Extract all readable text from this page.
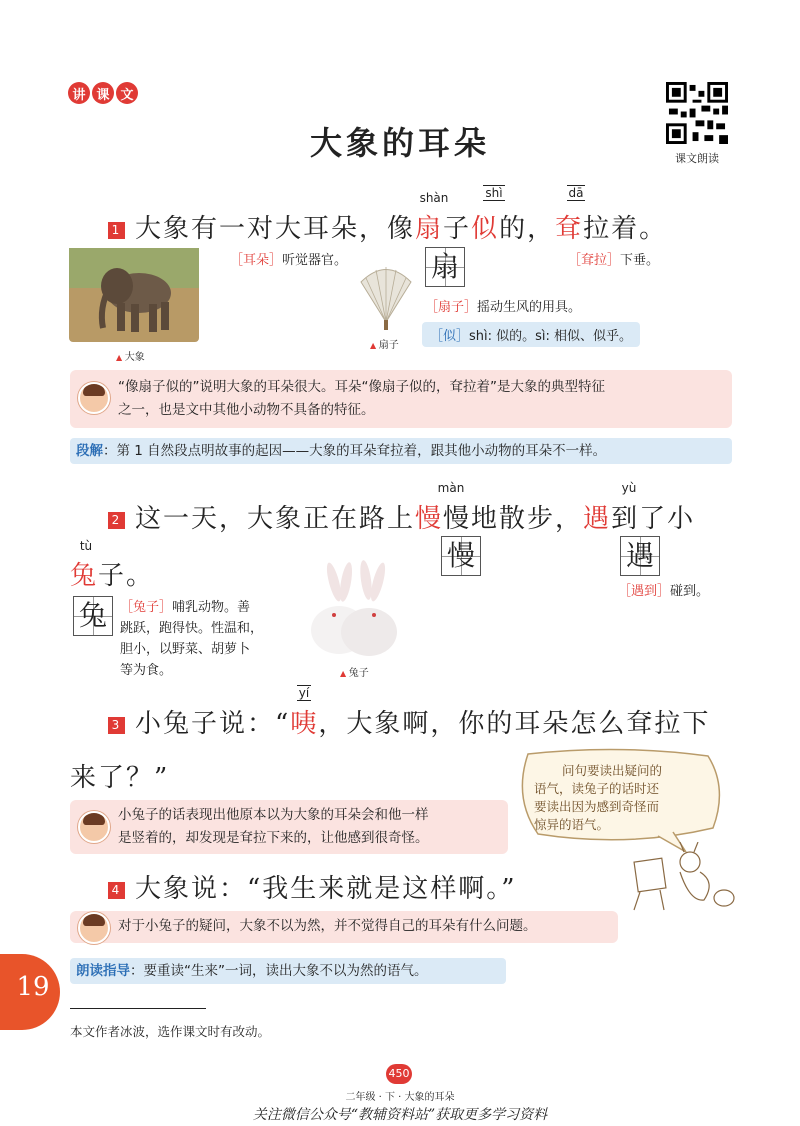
讲 课 文
大象的耳朵	课文朗读
shàn	shì	dā
1 大象有一对大耳朵，像扇子似的，耷拉着。
▲ 大象
［耳朵］听觉器官。
▲ 扇子
扇	［耷拉］下垂。
［扇子］摇动生风的用具。
［似］shì: 似的。sì: 相似、似乎。
“像扇子似的”说明大象的耳朵很大。耳朵“像扇子似的，耷拉着”是大象的典型特征
之一，也是文中其他小动物不具备的特征。
段解：第 1 自然段点明故事的起因——大象的耳朵耷拉着，跟其他小动物的耳朵不一样。
màn	yù
2 这一天，大象正在路上慢慢地散步，遇到了小
慢	遇
［遇到］碰到。
tù
兔子。
兔	［兔子］哺乳动物。善
跳跃，跑得快。性温和，
胆小，以野菜、胡萝卜
等为食。
▲	兔子
yí
3 小兔子说：“咦，大象啊，你的耳朵怎么耷拉下
来了？”	问句要读出疑问的
语气，读兔子的话时还
要读出因为感到奇怪而
惊异的语气。
小兔子的话表现出他原本以为大象的耳朵会和他一样
是竖着的，却发现是耷拉下来的，让他感到很奇怪。
4 大象说：“我生来就是这样啊。”
对于小兔子的疑问，大象不以为然，并不觉得自己的耳朵有什么问题。
朗读指导：要重读“生来”一词，读出大象不以为然的语气。
19
本文作者冰波，选作课文时有改动。
450
二年级 · 下 · 大象的耳朵
关注微信公众号“教辅资料站”获取更多学习资料
